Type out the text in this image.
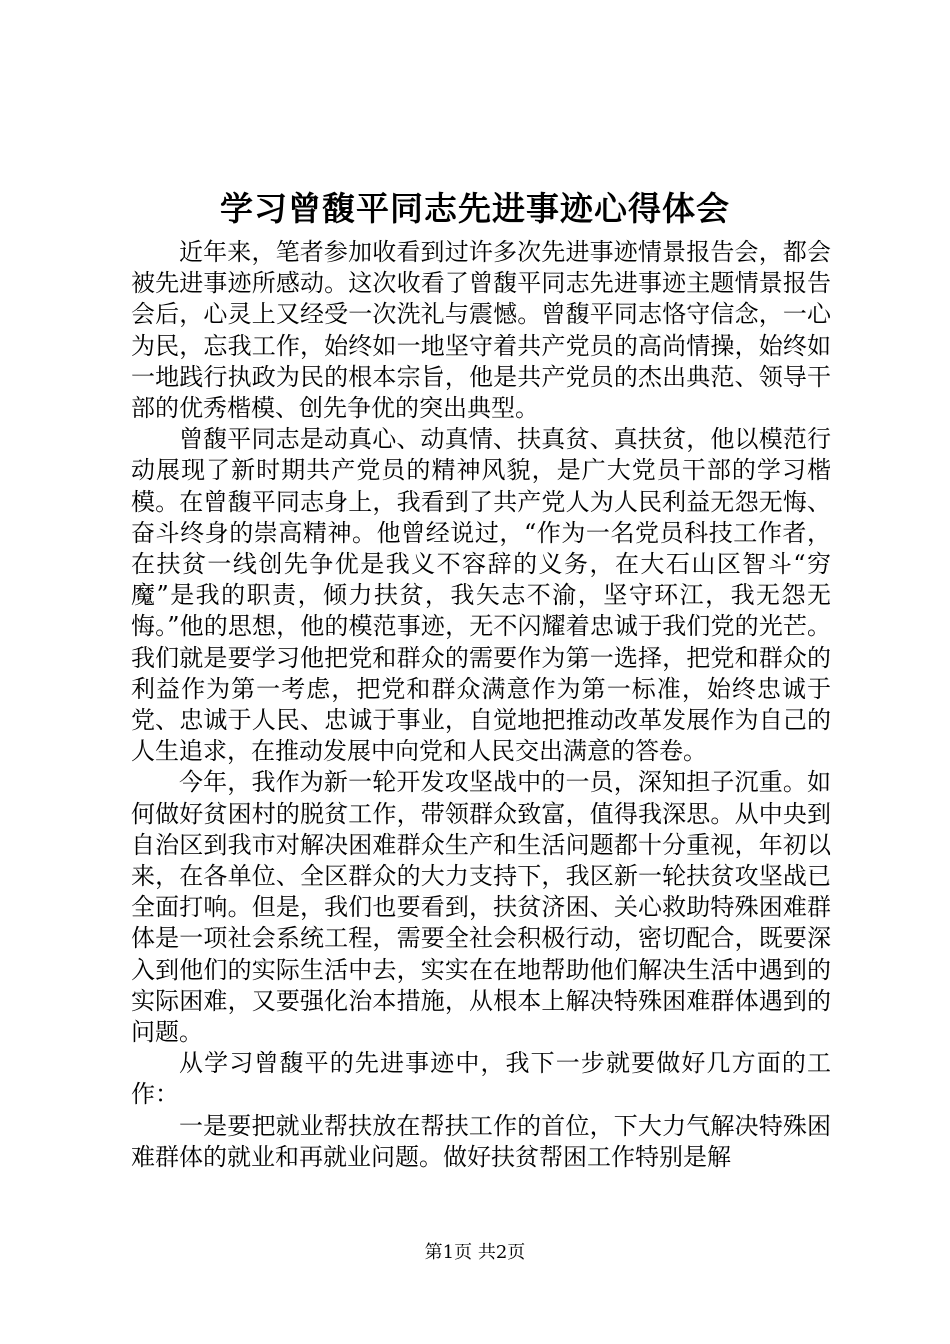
学习曾馥平同志先进事迹心得体会

近年来，笔者参加收看到过许多次先进事迹情景报告会，都会被先进事迹所感动。这次收看了曾馥平同志先进事迹主题情景报告会后，心灵上又经受一次洗礼与震憾。曾馥平同志恪守信念，一心为民，忘我工作，始终如一地坚守着共产党员的高尚情操，始终如一地践行执政为民的根本宗旨，他是共产党员的杰出典范、领导干部的优秀楷模、创先争优的突出典型。

曾馥平同志是动真心、动真情、扶真贫、真扶贫，他以模范行动展现了新时期共产党员的精神风貌，是广大党员干部的学习楷模。在曾馥平同志身上，我看到了共产党人为人民利益无怨无悔、奋斗终身的崇高精神。他曾经说过，“作为一名党员科技工作者，在扶贫一线创先争优是我义不容辞的义务，在大石山区智斗“穷魔”是我的职责，倾力扶贫，我矢志不渝，坚守环江，我无怨无悔。”他的思想，他的模范事迹，无不闪耀着忠诚于我们党的光芒。我们就是要学习他把党和群众的需要作为第一选择，把党和群众的利益作为第一考虑，把党和群众满意作为第一标准，始终忠诚于党、忠诚于人民、忠诚于事业，自觉地把推动改革发展作为自己的人生追求，在推动发展中向党和人民交出满意的答卷。

今年，我作为新一轮开发攻坚战中的一员，深知担子沉重。如何做好贫困村的脱贫工作，带领群众致富，值得我深思。从中央到自治区到我市对解决困难群众生产和生活问题都十分重视，年初以来，在各单位、全区群众的大力支持下，我区新一轮扶贫攻坚战已全面打响。但是，我们也要看到，扶贫济困、关心救助特殊困难群体是一项社会系统工程，需要全社会积极行动，密切配合，既要深入到他们的实际生活中去，实实在在地帮助他们解决生活中遇到的实际困难，又要强化治本措施，从根本上解决特殊困难群体遇到的问题。

从学习曾馥平的先进事迹中，我下一步就要做好几方面的工作：

一是要把就业帮扶放在帮扶工作的首位，下大力气解决特殊困难群体的就业和再就业问题。做好扶贫帮困工作特别是解

第1页 共2页
